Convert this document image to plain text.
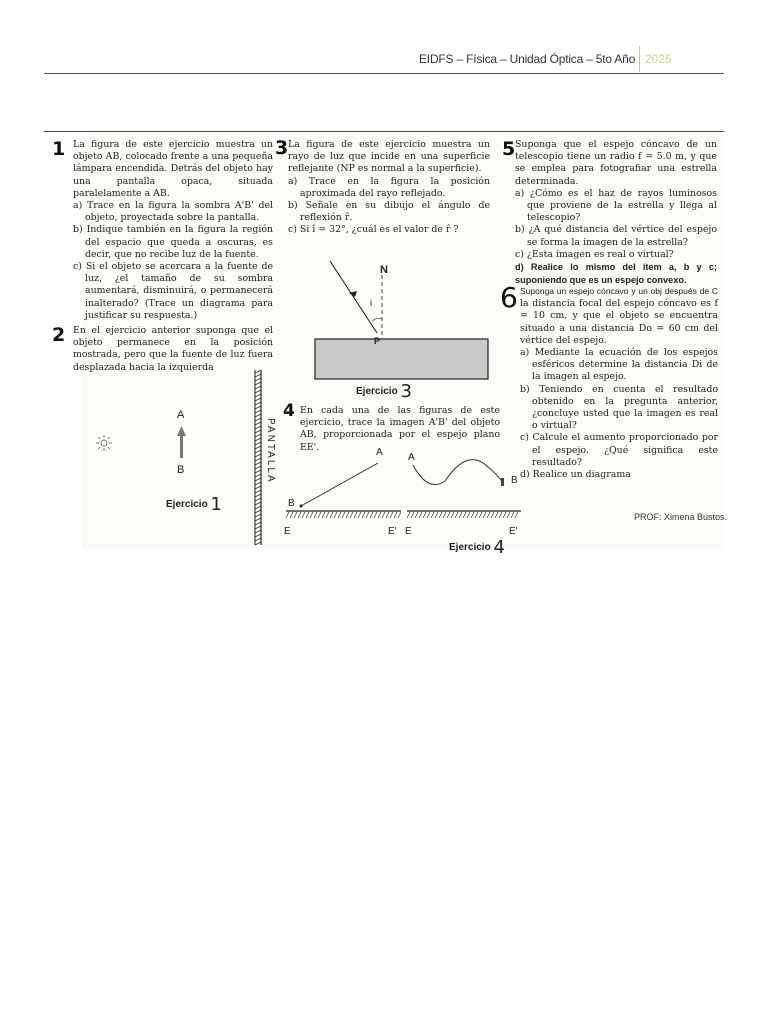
EIDFS – Física – Unidad Óptica – 5to Año 2025
1 La figura de este ejercicio muestra un objeto AB, colocado frente a una pequeña lámpara encendida. Detrás del objeto hay una pantalla opaca, situada paralelamente a AB.
a) Trace en la figura la sombra A'B' del objeto, proyectada sobre la pantalla.
b) Indique también en la figura la región del espacio que queda a oscuras, es decir, que no recibe luz de la fuente.
c) Si el objeto se acercara a la fuente de luz, ¿el tamaño de su sombra aumentará, disminuirá, o permanecerá inalterado? (Trace un diagrama para justificar su respuesta.)
2 En el ejercicio anterior suponga que el objeto permanece en la posición mostrada, pero que la fuente de luz fuera desplazada hacia la izquierda
A
B	PANTALLA
Ejercicio 1
3 La figura de este ejercicio muestra un rayo de luz que incide en una superficie reflejante (NP es normal a la superficie).
a) Trace en la figura la posición aproximada del rayo reflejado.
b) Señale en su dibujo el ángulo de reflexión r̂.
c) Si î = 32°, ¿cuál es el valor de r̂ ?
N
i
P
Ejercicio 3
4 En cada una de las figuras de este ejercicio, trace la imagen A'B' del objeto AB, proporcionada por el espejo plano EE'.	A
B
A
B
E	E' E	E'
Ejercicio 4
5 Suponga que el espejo cóncavo de un telescopio tiene un radio f = 5.0 m, y que se emplea para fotografiar una estrella determinada.
a) ¿Cómo es el haz de rayos luminosos que proviene de la estrella y llega al telescopio?
b) ¿A qué distancia del vértice del espejo se forma la imagen de la estrella?
c) ¿Esta imagen es real o virtual?
d) Realice lo mismo del ítem a, b y c; suponiendo que es un espejo convexo.
6 Suponga un espejo cóncavo y un obj después de C la distancia focal del espejo cóncavo es f = 10 cm, y que el objeto se encuentra situado a una distancia Do = 60 cm del vértice del espejo.
a) Mediante la ecuación de los espejos esféricos determine la distancia Di de la imagen al espejo.
b) Teniendo en cuenta el resultado obtenido en la pregunta anterior, ¿concluye usted que la imagen es real o virtual?
c) Calcule el aumento proporcionado por el espejo. ¿Qué significa este resultado?
d) Realice un diagrama
PROF: Ximena Bustos.
